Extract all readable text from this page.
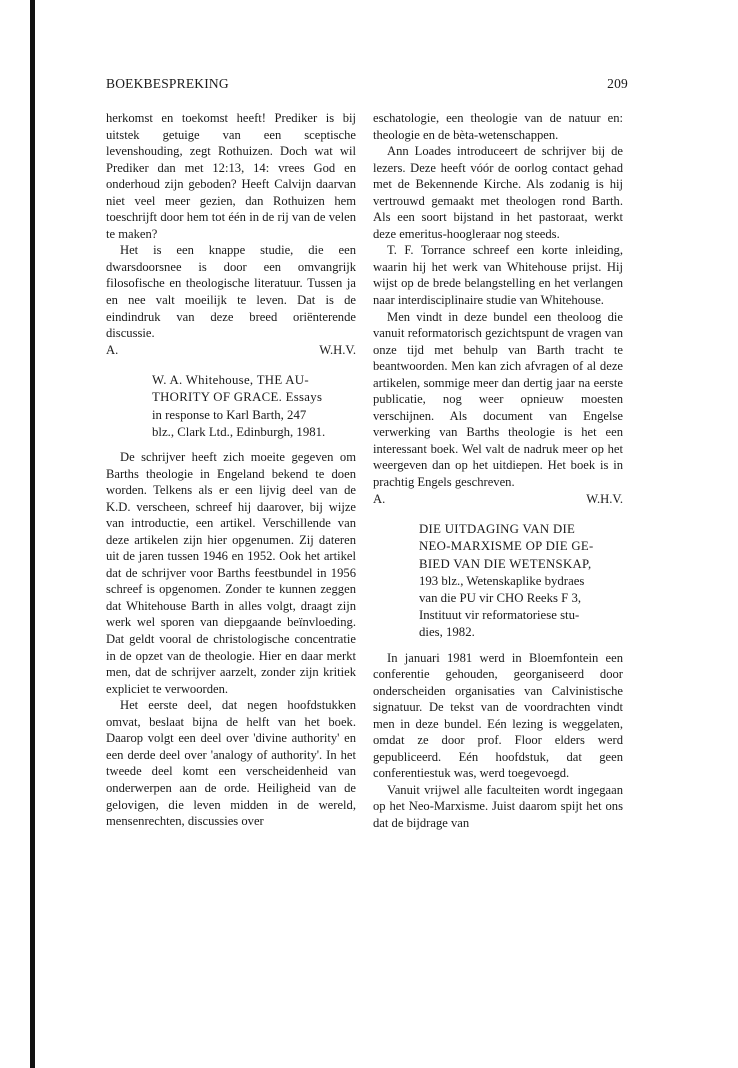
BOEKBESPREKING	209

herkomst en toekomst heeft! Prediker is bij uitstek getuige van een sceptische levenshouding, zegt Rothuizen. Doch wat wil Prediker dan met 12:13, 14: vrees God en onderhoud zijn geboden? Heeft Calvijn daarvan niet veel meer gezien, dan Rothuizen hem toeschrijft door hem tot één in de rij van de velen te maken?

Het is een knappe studie, die een dwarsdoorsnee is door een omvangrijk filosofische en theologische literatuur. Tussen ja en nee valt moeilijk te leven. Dat is de eindindruk van deze breed oriënterende discussie.

A.	W.H.V.
W. A. Whitehouse, THE AU-
THORITY OF GRACE. Essays
in response to Karl Barth, 247
blz., Clark Ltd., Edinburgh, 1981.

De schrijver heeft zich moeite gegeven om Barths theologie in Engeland bekend te doen worden. Telkens als er een lijvig deel van de K.D. verscheen, schreef hij daarover, bij wijze van introductie, een artikel. Verschillende van deze artikelen zijn hier opgenumen. Zij dateren uit de jaren tussen 1946 en 1952. Ook het artikel dat de schrijver voor Barths feestbundel in 1956 schreef is opgenomen. Zonder te kunnen zeggen dat Whitehouse Barth in alles volgt, draagt zijn werk wel sporen van diepgaande beïnvloeding. Dat geldt vooral de christologische concentratie in de opzet van de theologie. Hier en daar merkt men, dat de schrijver aarzelt, zonder zijn kritiek expliciet te verwoorden.

Het eerste deel, dat negen hoofdstukken omvat, beslaat bijna de helft van het boek. Daarop volgt een deel over 'divine authority' en een derde deel over 'analogy of authority'. In het tweede deel komt een verscheidenheid van onderwerpen aan de orde. Heiligheid van de gelovigen, die leven midden in de wereld, mensenrechten, discussies over

eschatologie, een theologie van de natuur en: theologie en de bèta-wetenschappen.

Ann Loades introduceert de schrijver bij de lezers. Deze heeft vóór de oorlog contact gehad met de Bekennende Kirche. Als zodanig is hij vertrouwd gemaakt met theologen rond Barth. Als een soort bijstand in het pastoraat, werkt deze emeritus-hoogleraar nog steeds.

T. F. Torrance schreef een korte inleiding, waarin hij het werk van Whitehouse prijst. Hij wijst op de brede belangstelling en het verlangen naar interdisciplinaire studie van Whitehouse.

Men vindt in deze bundel een theoloog die vanuit reformatorisch gezichtspunt de vragen van onze tijd met behulp van Barth tracht te beantwoorden. Men kan zich afvragen of al deze artikelen, sommige meer dan dertig jaar na eerste publicatie, nog weer opnieuw moesten verschijnen. Als document van Engelse verwerking van Barths theologie is het een interessant boek. Wel valt de nadruk meer op het weergeven dan op het uitdiepen. Het boek is in prachtig Engels geschreven.

A.	W.H.V.
DIE UITDAGING VAN DIE
NEO-MARXISME OP DIE GE-
BIED VAN DIE WETENSKAP,
193 blz., Wetenskaplike bydraes
van die PU vir CHO Reeks F 3,
Instituut vir reformatoriese stu-
dies, 1982.

In januari 1981 werd in Bloemfontein een conferentie gehouden, georganiseerd door onderscheiden organisaties van Calvinistische signatuur. De tekst van de voordrachten vindt men in deze bundel. Eén lezing is weggelaten, omdat ze door prof. Floor elders werd gepubliceerd. Eén hoofdstuk, dat geen conferentiestuk was, werd toegevoegd.

Vanuit vrijwel alle faculteiten wordt ingegaan op het Neo-Marxisme. Juist daarom spijt het ons dat de bijdrage van
